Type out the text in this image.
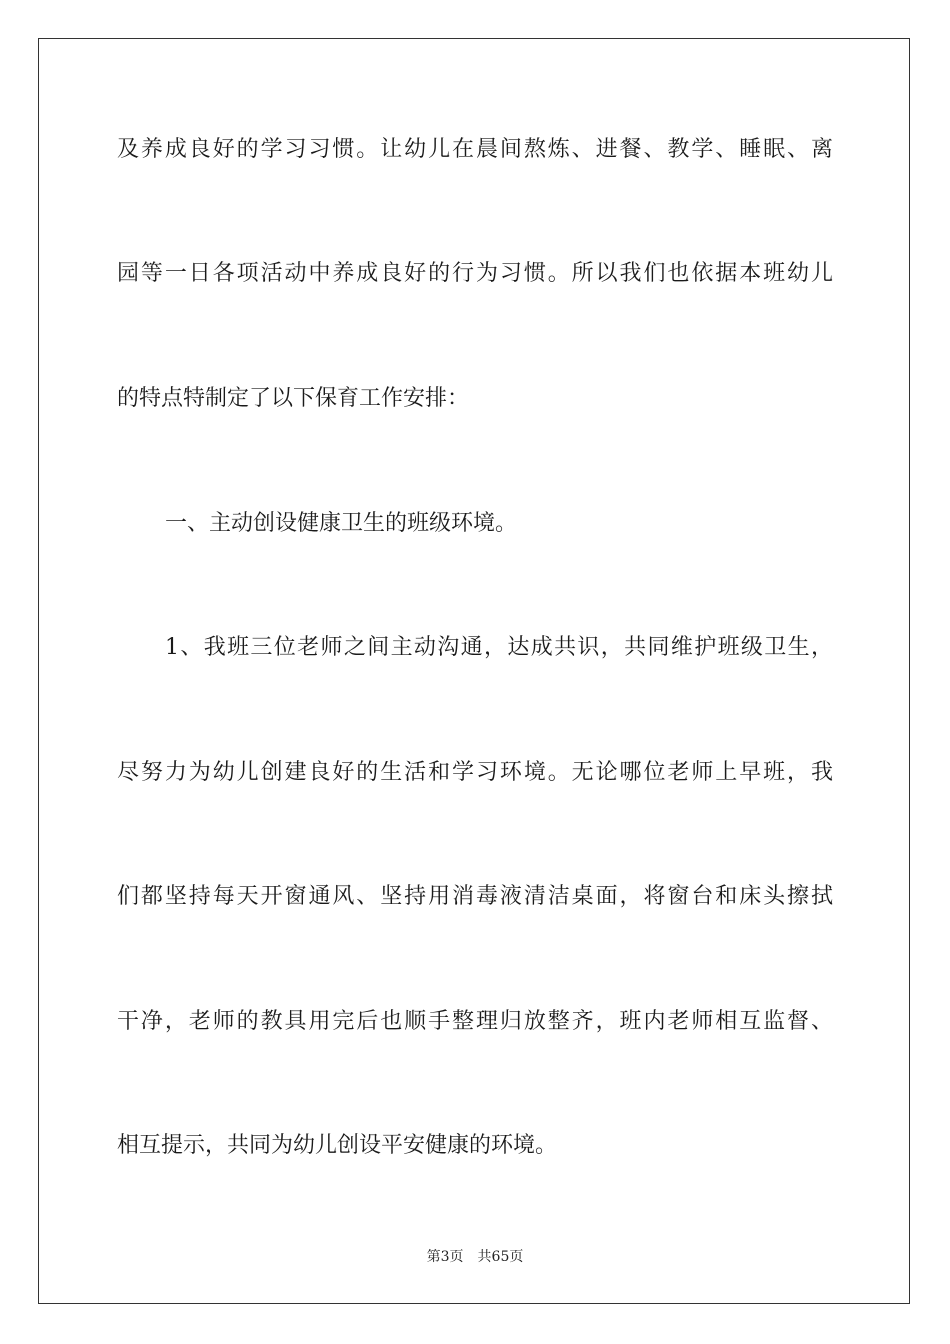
及养成良好的学习习惯。让幼儿在晨间熬炼、进餐、教学、睡眠、离
园等一日各项活动中养成良好的行为习惯。所以我们也依据本班幼儿
的特点特制定了以下保育工作安排：
一、主动创设健康卫生的班级环境。
1、我班三位老师之间主动沟通，达成共识，共同维护班级卫生，
尽努力为幼儿创建良好的生活和学习环境。无论哪位老师上早班，我
们都坚持每天开窗通风、坚持用消毒液清洁桌面，将窗台和床头擦拭
干净，老师的教具用完后也顺手整理归放整齐，班内老师相互监督、
相互提示，共同为幼儿创设平安健康的环境。
第3页 共65页
